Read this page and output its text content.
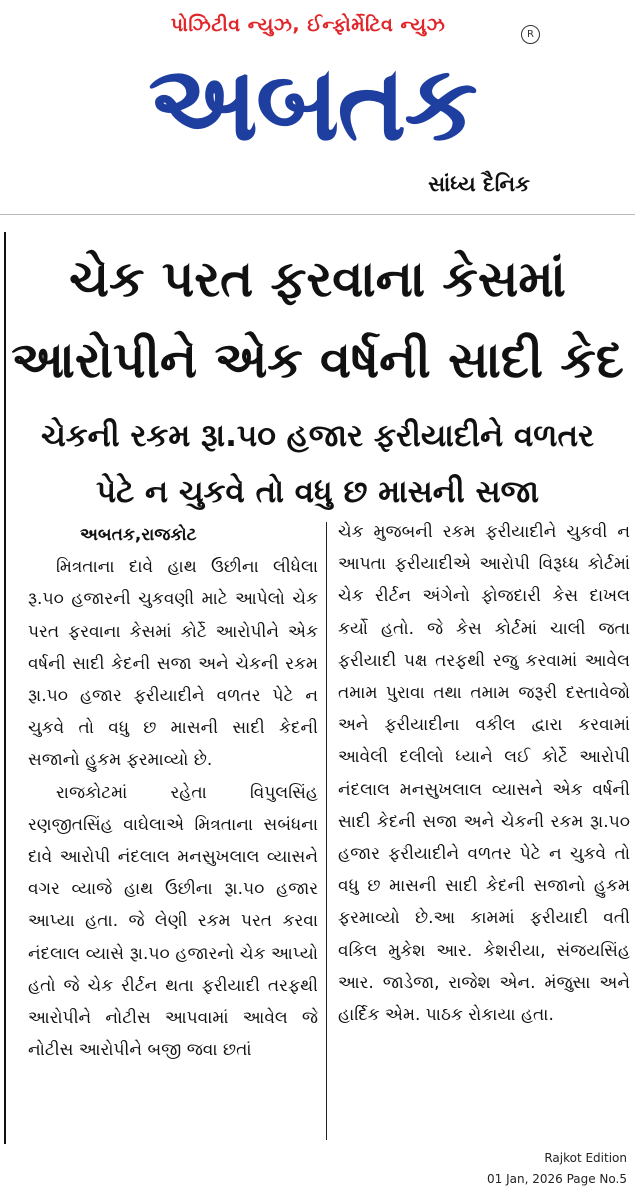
પોઝિટીવ ન્યુઝ, ઈન્ફોર્મેટિવ ન્યુઝ	R
અબતક
સાંધ્ય દૈનિક
ચેક પરત ફરવાના કેસમાં
આરોપીને એક વર્ષની સાદી કેદ
ચેકની રકમ રૂા.૫૦ હજાર ફરીયાદીને વળતર
પેટે ન ચુકવે તો વધુ છ માસની સજા
અબતક,રાજકોટ
મિત્રતાના દાવે હાથ ઉછીના લીધેલા રૂ.૫૦ હજારની ચુકવણી માટે આપેલો ચેક પરત ફરવાના કેસમાં કોર્ટે આરોપીને એક વર્ષની સાદી કેદની સજા અને ચેકની રકમ રૂા.૫૦ હજાર ફરીયાદીને વળતર પેટે ન ચુકવે તો વધુ છ માસની સાદી કેદની સજાનો હુકમ ફરમાવ્યો છે.
રાજકોટમાં રહેતા વિપુલસિંહ રણજીતસિંહ વાઘેલાએ મિત્રતાના સબંધના દાવે આરોપી નંદલાલ મનસુખલાલ વ્યાસને વગર વ્યાજે હાથ ઉછીના રૂા.૫૦ હજાર આપ્યા હતા. જે લેણી રકમ પરત કરવા નંદલાલ વ્યાસે રૂા.૫૦ હજારનો ચેક આપ્યો હતો જે ચેક રીર્ટન થતા ફરીયાદી તરફથી આરોપીને નોટીસ આપવામાં આવેલ જે નોટીસ આરોપીને બજી જવા છતાં
ચેક મુજબની રકમ ફરીયાદીને ચુકવી ન આપતા ફરીયાદીએ આરોપી વિરૂધ્ધ કોર્ટમાં ચેક રીર્ટન અંગેનો ફોજદારી કેસ દાખલ કર્યો હતો. જે કેસ કોર્ટમાં ચાલી જતા ફરીયાદી પક્ષ તરફથી રજુ કરવામાં આવેલ તમામ પુરાવા તથા તમામ જરૂરી દસ્તાવેજો અને ફરીયાદીના વકીલ દ્વારા કરવામાં આવેલી દલીલો ધ્યાને લઈ કોર્ટે આરોપી નંદલાલ મનસુખલાલ વ્યાસને એક વર્ષની સાદી કેદની સજા અને ચેકની રકમ રૂા.૫૦ હજાર ફરીયાદીને વળતર પેટે ન ચુકવે તો વધુ છ માસની સાદી કેદની સજાનો હુકમ ફરમાવ્યો છે.આ કામમાં ફરીયાદી વતી વકિલ મુકેશ આર. કેશરીયા, સંજયસિંહ આર. જાડેજા, રાજેશ એન. મંજુસા અને હાર્દિક એમ. પાઠક રોકાયા હતા.
Rajkot Edition
01 Jan, 2026 Page No.5
